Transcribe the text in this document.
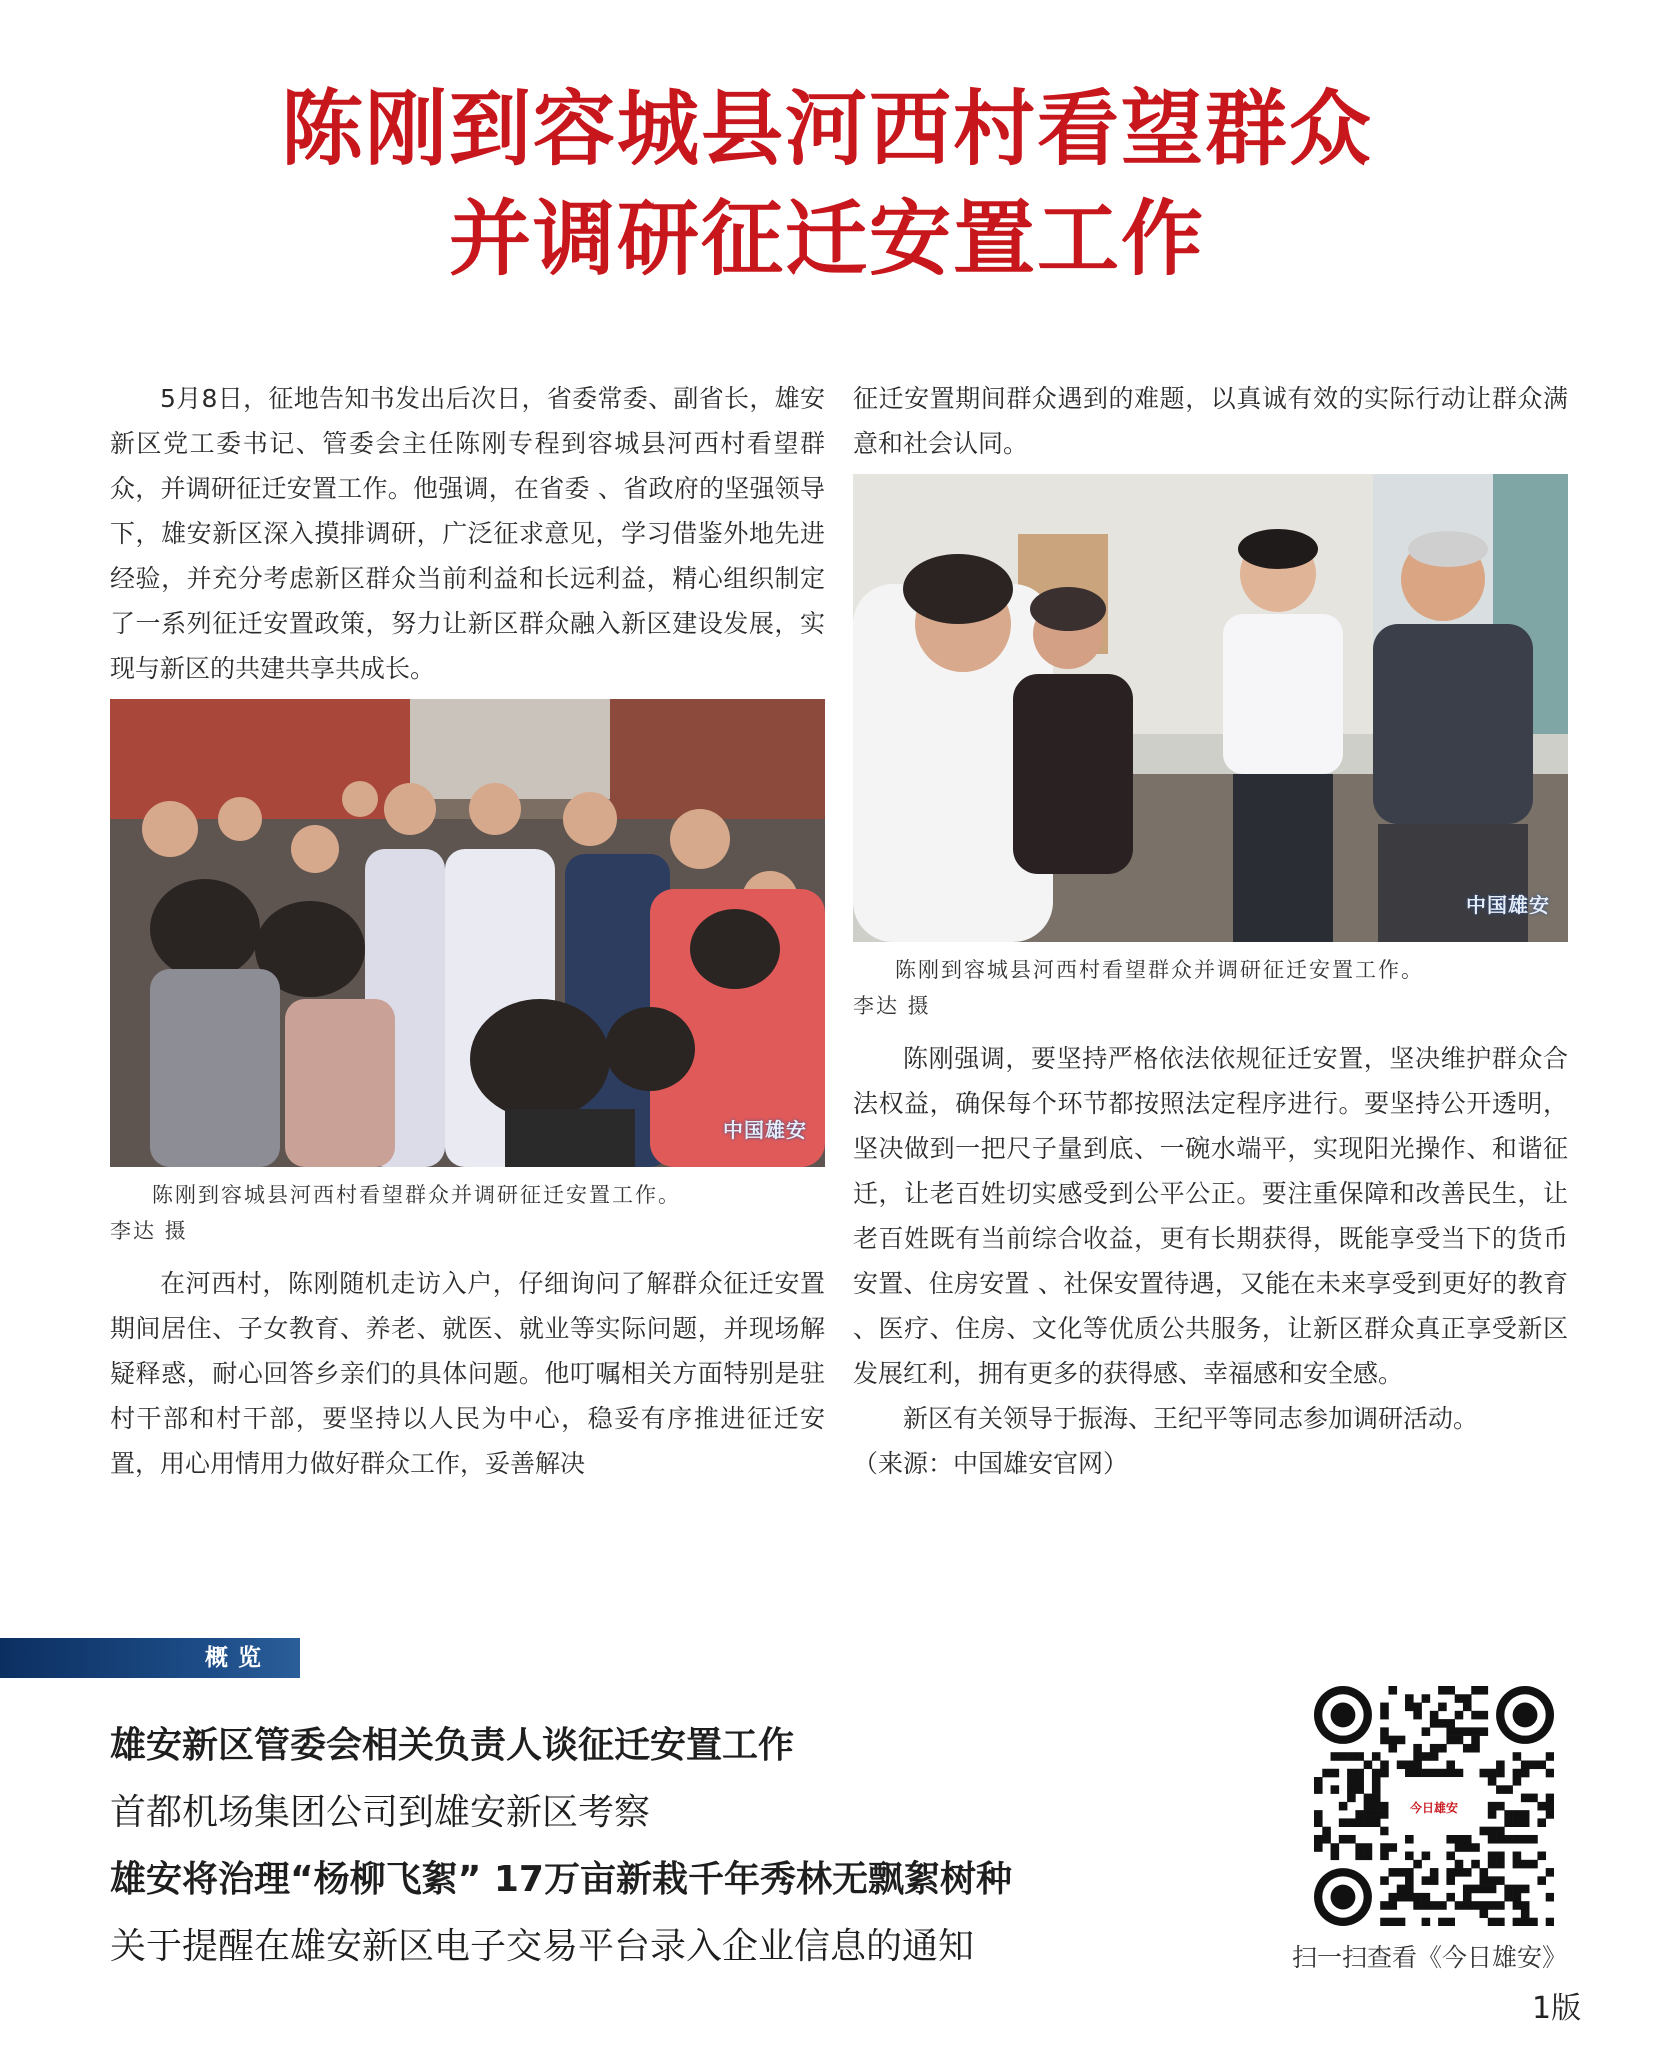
陈刚到容城县河西村看望群众
并调研征迁安置工作

5月8日，征地告知书发出后次日，省委常委、副省长，雄安新区党工委书记、管委会主任陈刚专程到容城县河西村看望群众，并调研征迁安置工作。他强调，在省委 、省政府的坚强领导下，雄安新区深入摸排调研，广泛征求意见，学习借鉴外地先进经验，并充分考虑新区群众当前利益和长远利益，精心组织制定了一系列征迁安置政策，努力让新区群众融入新区建设发展，实现与新区的共建共享共成长。

中国雄安
陈刚到容城县河西村看望群众并调研征迁安置工作。
李达 摄

在河西村，陈刚随机走访入户，仔细询问了解群众征迁安置期间居住、子女教育、养老、就医、就业等实际问题，并现场解疑释惑，耐心回答乡亲们的具体问题。他叮嘱相关方面特别是驻村干部和村干部，要坚持以人民为中心，稳妥有序推进征迁安置，用心用情用力做好群众工作，妥善解决

征迁安置期间群众遇到的难题，以真诚有效的实际行动让群众满意和社会认同。

中国雄安
陈刚到容城县河西村看望群众并调研征迁安置工作。
李达 摄

陈刚强调，要坚持严格依法依规征迁安置，坚决维护群众合法权益，确保每个环节都按照法定程序进行。要坚持公开透明，坚决做到一把尺子量到底、一碗水端平，实现阳光操作、和谐征迁，让老百姓切实感受到公平公正。要注重保障和改善民生，让老百姓既有当前综合收益，更有长期获得，既能享受当下的货币安置、住房安置 、社保安置待遇，又能在未来享受到更好的教育 、医疗、住房、文化等优质公共服务，让新区群众真正享受新区发展红利，拥有更多的获得感、幸福感和安全感。

新区有关领导于振海、王纪平等同志参加调研活动。

（来源：中国雄安官网）

概览
雄安新区管委会相关负责人谈征迁安置工作
首都机场集团公司到雄安新区考察
雄安将治理“杨柳飞絮” 17万亩新栽千年秀林无飘絮树种
关于提醒在雄安新区电子交易平台录入企业信息的通知
今日雄安
扫一扫查看《今日雄安》
1版
